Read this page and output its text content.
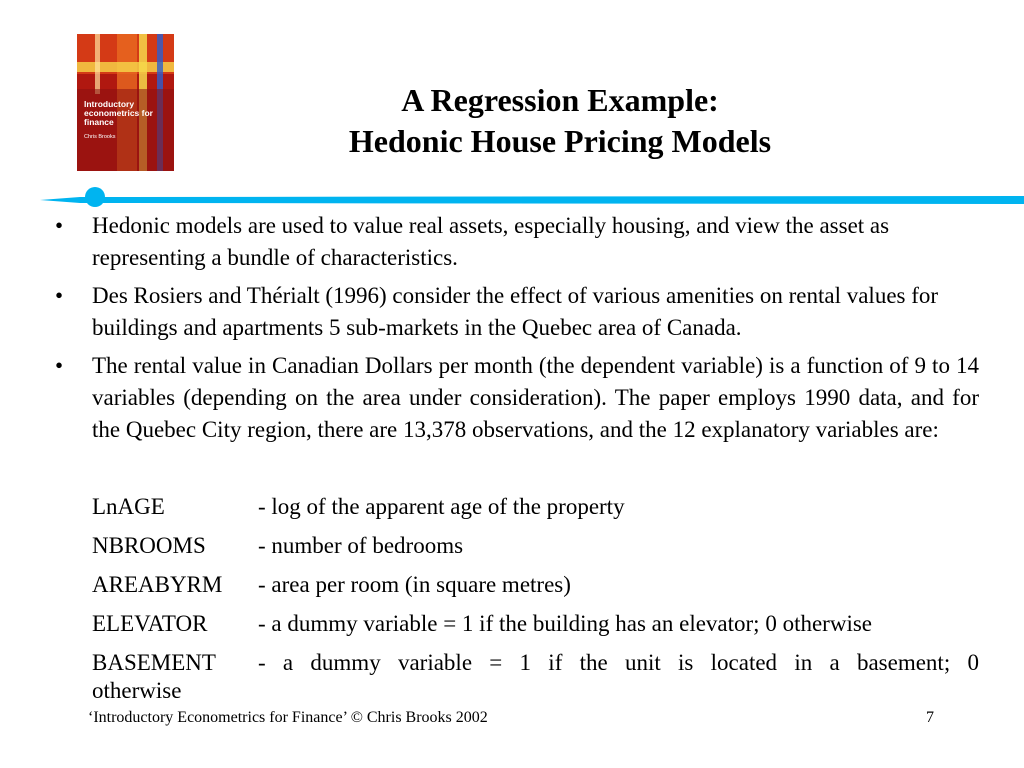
Introductory econometrics for finance
Chris Brooks
A Regression Example:
Hedonic House Pricing Models
• Hedonic models are used to value real assets, especially housing, and view the asset as representing a bundle of characteristics.
• Des Rosiers and Thérialt (1996) consider the effect of various amenities on rental values for buildings and apartments 5 sub-markets in the Quebec area of Canada.
• The rental value in Canadian Dollars per month (the dependent variable) is a function of 9 to 14 variables (depending on the area under consideration). The paper employs 1990 data, and for the Quebec City region, there are 13,378 observations, and the 12 explanatory variables are:
LnAGE	- log of the apparent age of the property
NBROOMS - number of bedrooms
AREABYRM - area per room (in square metres)
ELEVATOR - a dummy variable = 1 if the building has an elevator; 0 otherwise
BASEMENT - a dummy variable = 1 if the unit is located in a basement; 0
otherwise
‘Introductory Econometrics for Finance’ © Chris Brooks 2002	7
